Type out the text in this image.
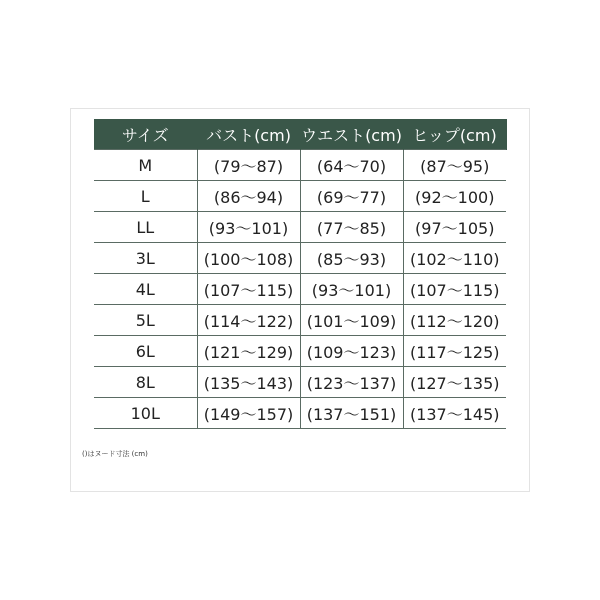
サイズ	バスト(cm)	ウエスト(cm)	ヒップ(cm)
M	(79～87)	(64～70)	(87～95)
L	(86～94)	(69～77)	(92～100)
LL	(93～101)	(77～85)	(97～105)
3L	(100～108)	(85～93)	(102～110)
4L	(107～115)	(93～101)	(107～115)
5L	(114～122)	(101～109)	(112～120)
6L	(121～129)	(109～123)	(117～125)
8L	(135～143)	(123～137)	(127～135)
10L	(149～157)	(137～151)	(137～145)
()はヌード寸法 (cm)
